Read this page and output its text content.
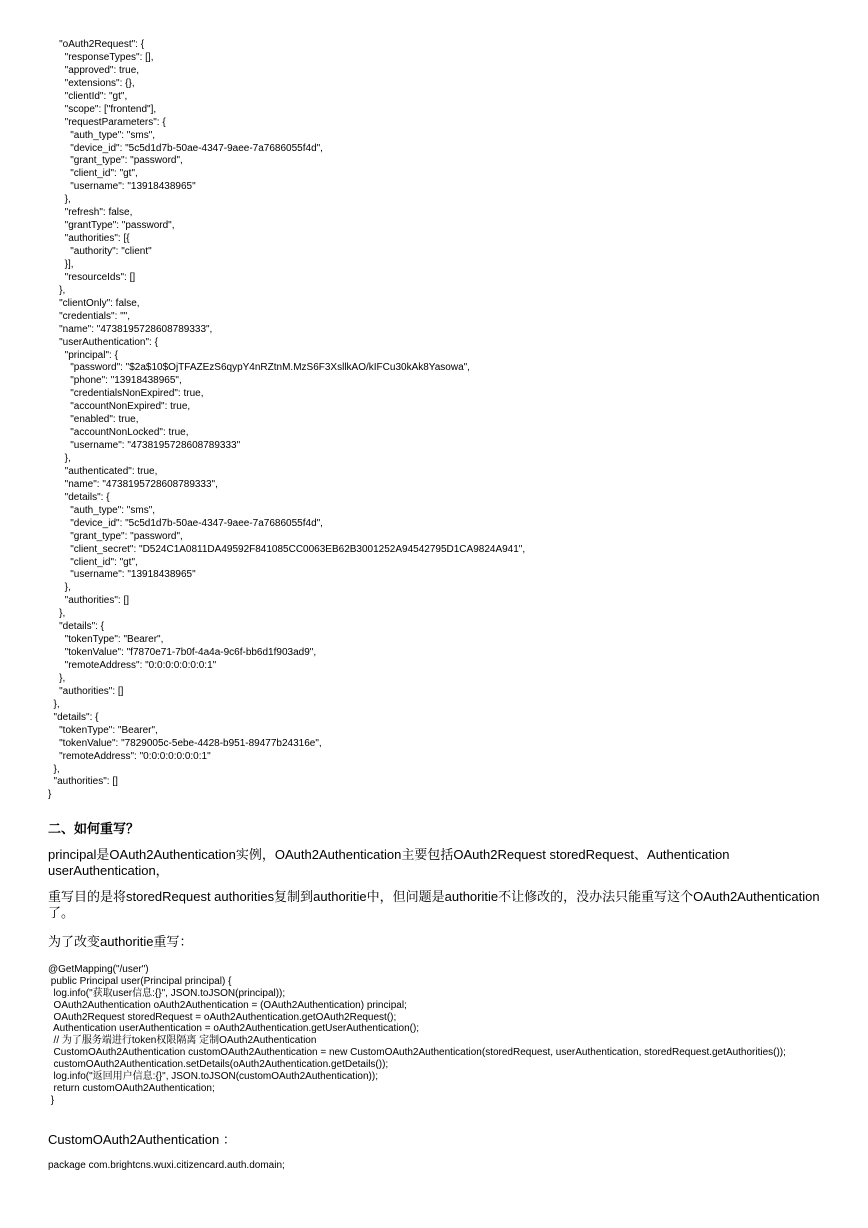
"oAuth2Request": {
"responseTypes": [],
"approved": true,
"extensions": {},
"clientId": "gt",
"scope": ["frontend"],
"requestParameters": {
"auth_type": "sms",
"device_id": "5c5d1d7b-50ae-4347-9aee-7a7686055f4d",
"grant_type": "password",
"client_id": "gt",
"username": "13918438965"
},
"refresh": false,
"grantType": "password",
"authorities": [{
"authority": "client"
}],
"resourceIds": []
},
"clientOnly": false,
"credentials": "",
"name": "4738195728608789333",
"userAuthentication": {
"principal": {
"password": "$2a$10$OjTFAZEzS6qypY4nRZtnM.MzS6F3XsllkAO/kIFCu30kAk8Yasowa",
"phone": "13918438965",
"credentialsNonExpired": true,
"accountNonExpired": true,
"enabled": true,
"accountNonLocked": true,
"username": "4738195728608789333"
},
"authenticated": true,
"name": "4738195728608789333",
"details": {
"auth_type": "sms",
"device_id": "5c5d1d7b-50ae-4347-9aee-7a7686055f4d",
"grant_type": "password",
"client_secret": "D524C1A0811DA49592F841085CC0063EB62B3001252A94542795D1CA9824A941",
"client_id": "gt",
"username": "13918438965"
},
"authorities": []
},
"details": {
"tokenType": "Bearer",
"tokenValue": "f7870e71-7b0f-4a4a-9c6f-bb6d1f903ad9",
"remoteAddress": "0:0:0:0:0:0:0:1"
},
"authorities": []
},
"details": {
"tokenType": "Bearer",
"tokenValue": "7829005c-5ebe-4428-b951-89477b24316e",
"remoteAddress": "0:0:0:0:0:0:0:1"
},
"authorities": []
}
二、如何重写？

principal是OAuth2Authentication实例，OAuth2Authentication主要包括OAuth2Request storedRequest、Authentication userAuthentication，

重写目的是将storedRequest authorities复制到authoritie中，但问题是authoritie不让修改的，没办法只能重写这个OAuth2Authentication了。

为了改变authoritie重写：

@GetMapping("/user")
public Principal user(Principal principal) {
log.info("获取user信息:{}", JSON.toJSON(principal));
OAuth2Authentication oAuth2Authentication = (OAuth2Authentication) principal;
OAuth2Request storedRequest = oAuth2Authentication.getOAuth2Request();
Authentication userAuthentication = oAuth2Authentication.getUserAuthentication();
// 为了服务端进行token权限隔离 定制OAuth2Authentication
CustomOAuth2Authentication customOAuth2Authentication = new CustomOAuth2Authentication(storedRequest, userAuthentication, storedRequest.getAuthorities());
customOAuth2Authentication.setDetails(oAuth2Authentication.getDetails());
log.info("返回用户信息:{}", JSON.toJSON(customOAuth2Authentication));
return customOAuth2Authentication;
}

CustomOAuth2Authentication ：

package com.brightcns.wuxi.citizencard.auth.domain;
